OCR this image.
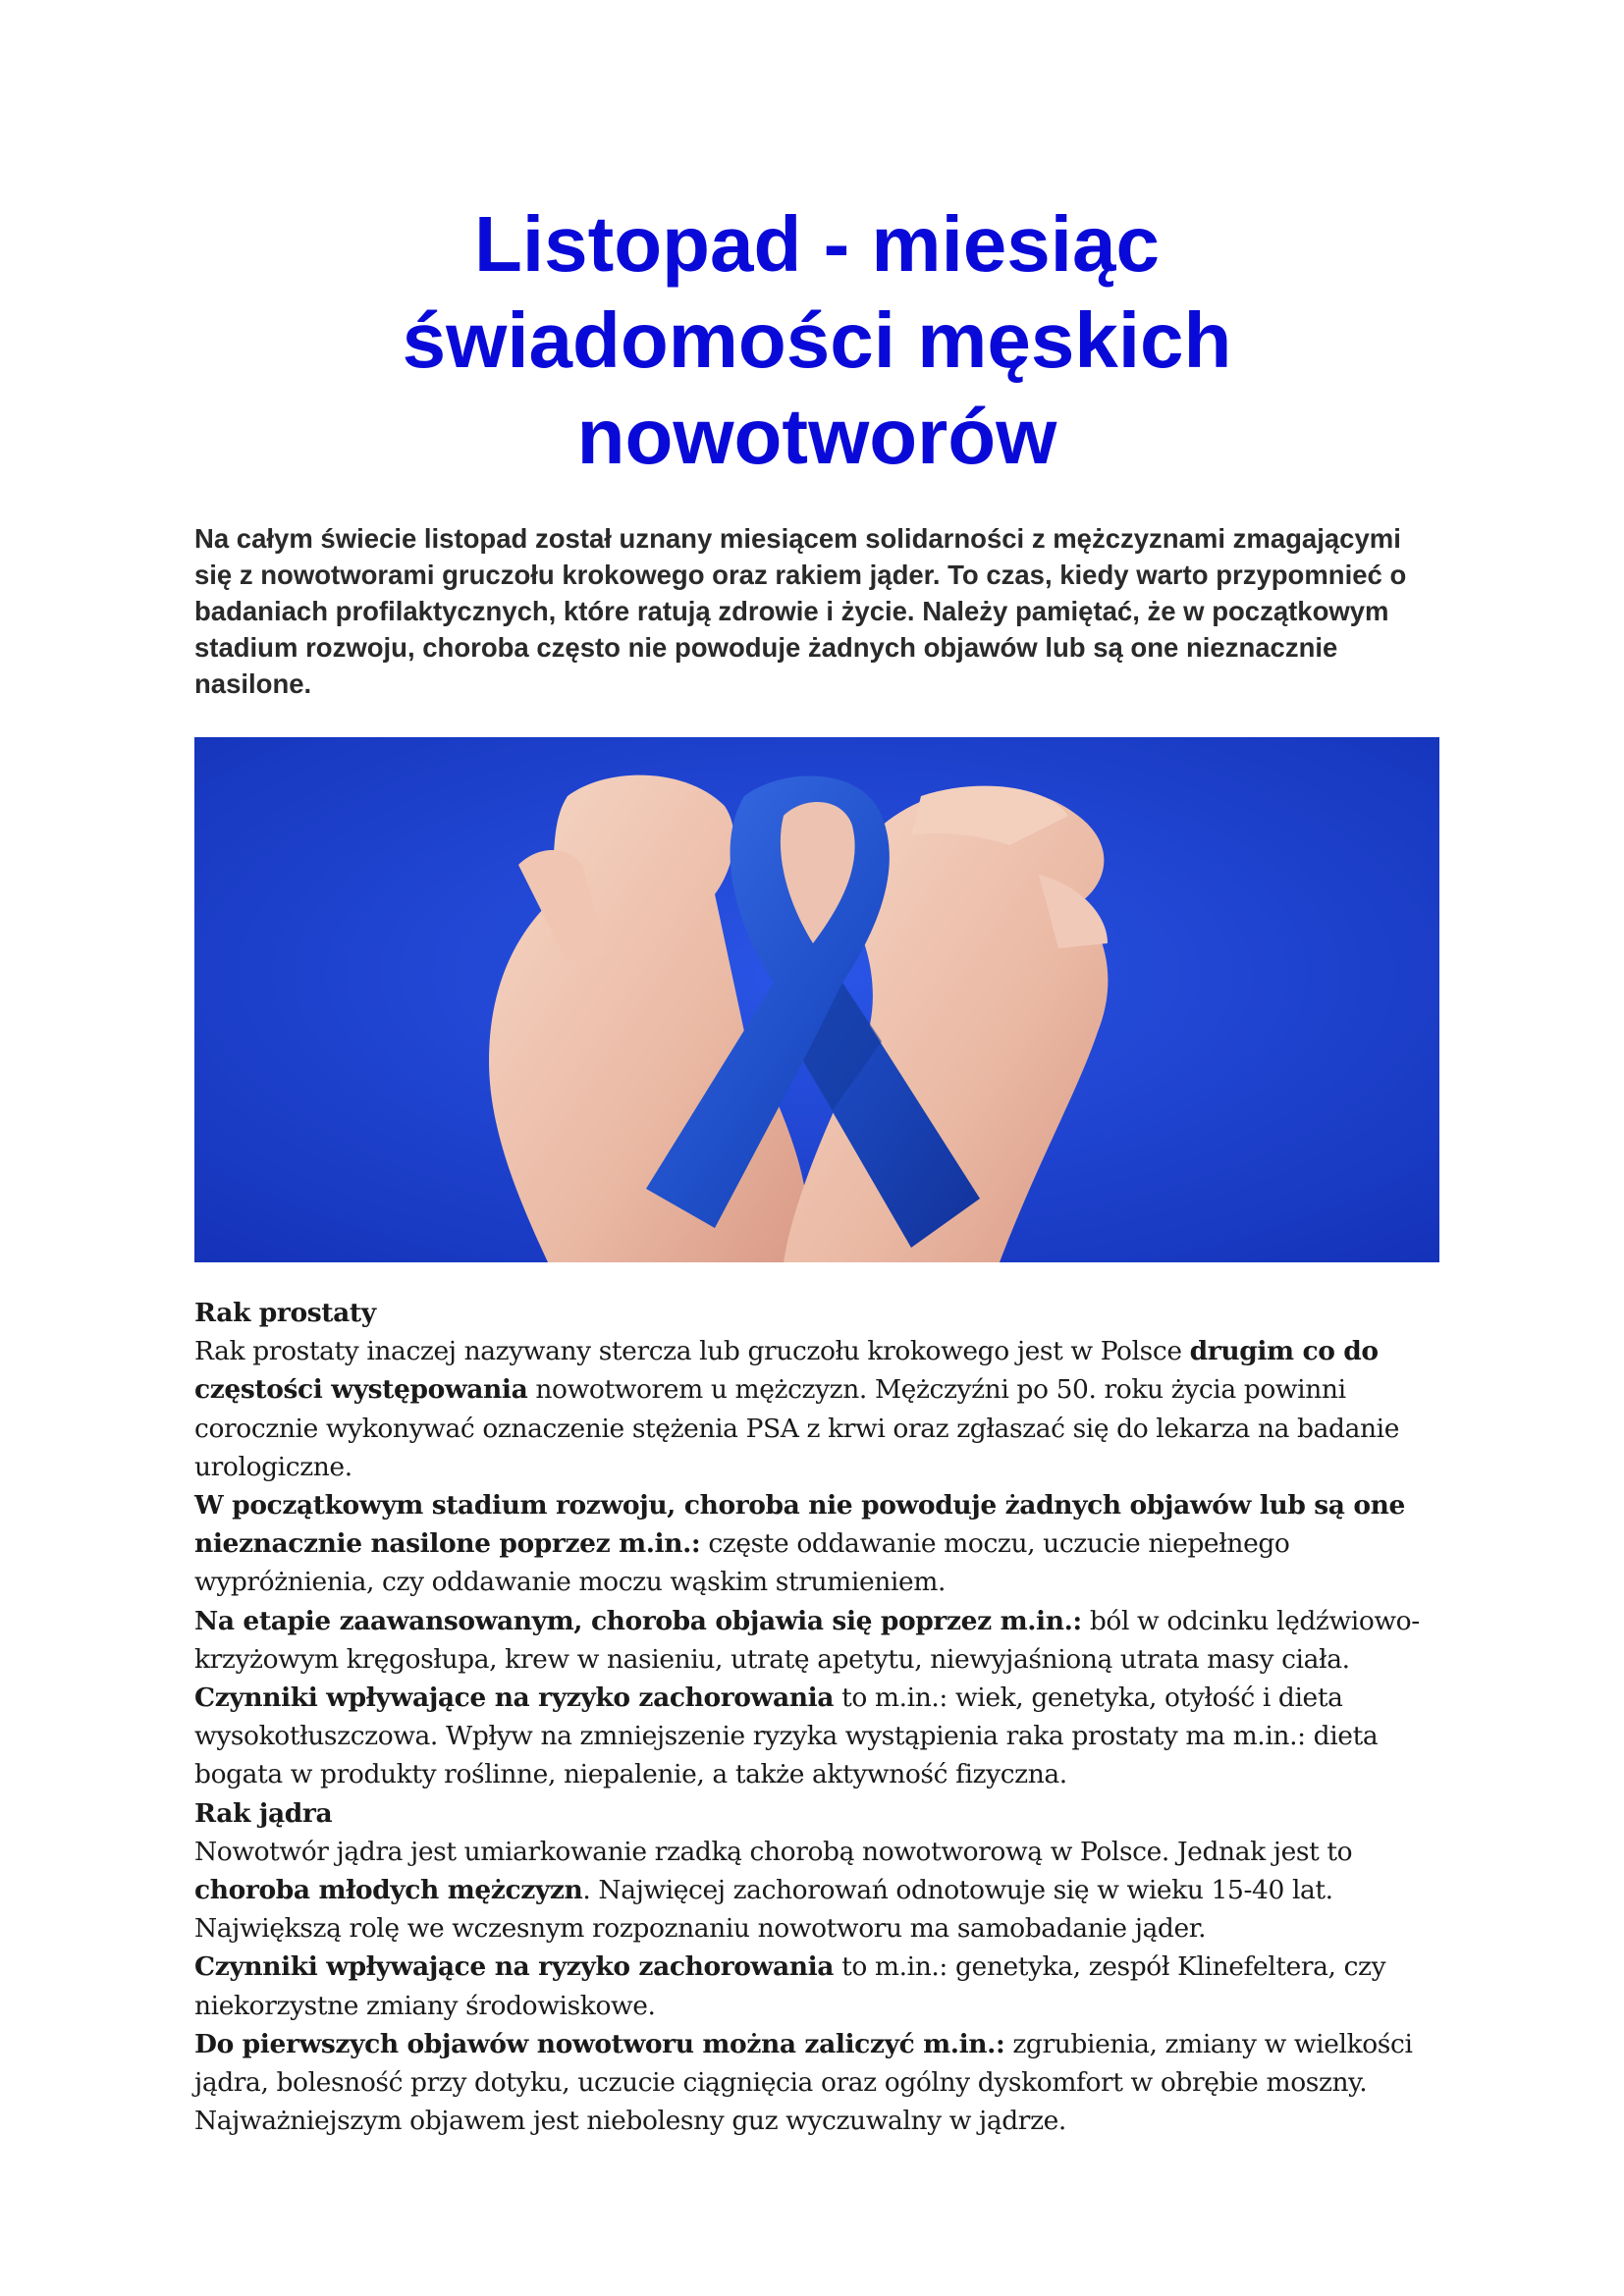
Listopad - miesiąc
świadomości męskich
nowotworów

Na całym świecie listopad został uznany miesiącem solidarności z mężczyznami zmagającymi się z nowotworami gruczołu krokowego oraz rakiem jąder. To czas, kiedy warto przypomnieć o badaniach profilaktycznych, które ratują zdrowie i życie. Należy pamiętać, że w początkowym stadium rozwoju, choroba często nie powoduje żadnych objawów lub są one nieznacznie nasilone.

Rak prostaty

Rak prostaty inaczej nazywany stercza lub gruczołu krokowego jest w Polsce drugim co do częstości występowania nowotworem u mężczyzn. Mężczyźni po 50. roku życia powinni corocznie wykonywać oznaczenie stężenia PSA z krwi oraz zgłaszać się do lekarza na badanie urologiczne.

W początkowym stadium rozwoju, choroba nie powoduje żadnych objawów lub są one nieznacznie nasilone poprzez m.in.: częste oddawanie moczu, uczucie niepełnego wypróżnienia, czy oddawanie moczu wąskim strumieniem.

Na etapie zaawansowanym, choroba objawia się poprzez m.in.: ból w odcinku lędźwiowo-krzyżowym kręgosłupa, krew w nasieniu, utratę apetytu, niewyjaśnioną utrata masy ciała.

Czynniki wpływające na ryzyko zachorowania to m.in.: wiek, genetyka, otyłość i dieta wysokotłuszczowa. Wpływ na zmniejszenie ryzyka wystąpienia raka prostaty ma m.in.: dieta bogata w produkty roślinne, niepalenie, a także aktywność fizyczna.

Rak jądra

Nowotwór jądra jest umiarkowanie rzadką chorobą nowotworową w Polsce. Jednak jest to choroba młodych mężczyzn. Najwięcej zachorowań odnotowuje się w wieku 15-40 lat. Największą rolę we wczesnym rozpoznaniu nowotworu ma samobadanie jąder.

Czynniki wpływające na ryzyko zachorowania to m.in.: genetyka, zespół Klinefeltera, czy niekorzystne zmiany środowiskowe.

Do pierwszych objawów nowotworu można zaliczyć m.in.: zgrubienia, zmiany w wielkości jądra, bolesność przy dotyku, uczucie ciągnięcia oraz ogólny dyskomfort w obrębie moszny. Najważniejszym objawem jest niebolesny guz wyczuwalny w jądrze.
